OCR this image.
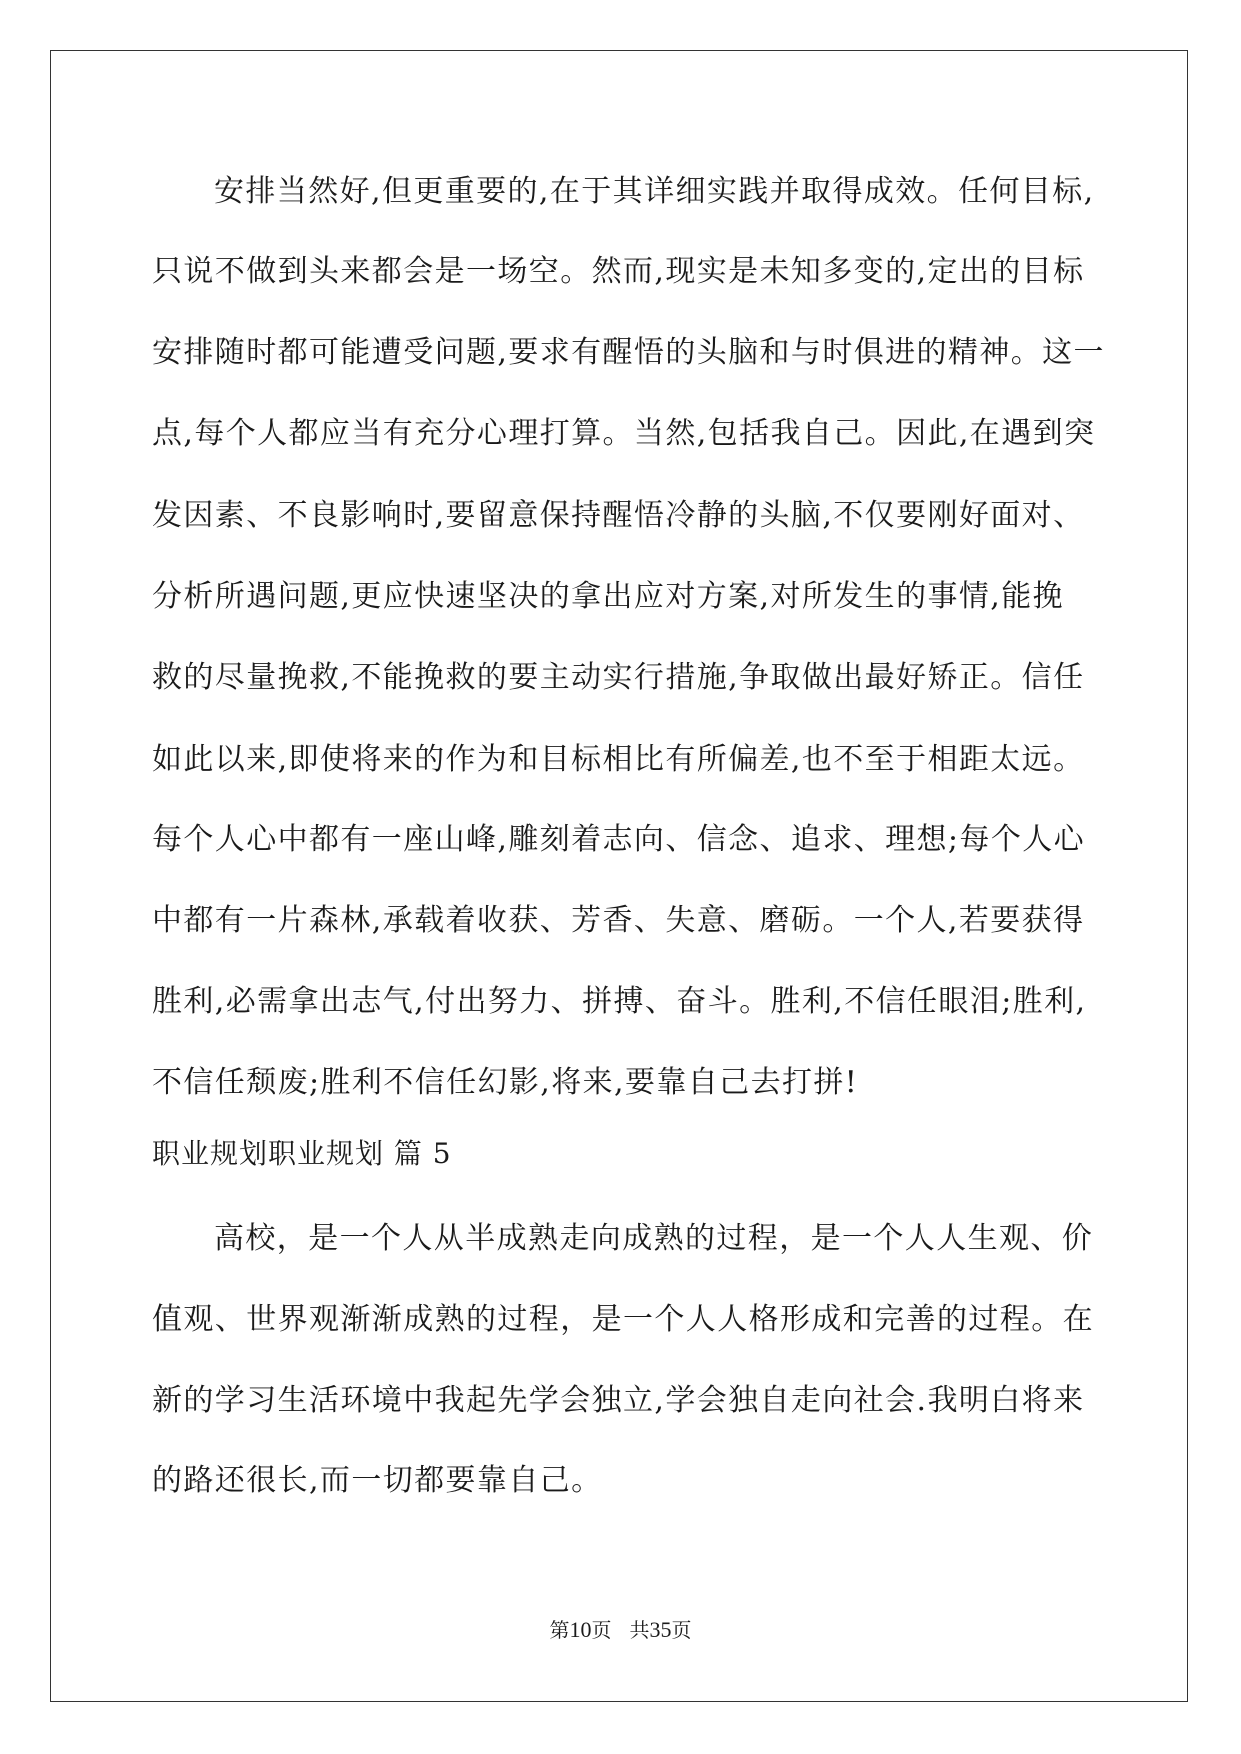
安排当然好,但更重要的,在于其详细实践并取得成效。任何目标,
只说不做到头来都会是一场空。然而,现实是未知多变的,定出的目标
安排随时都可能遭受问题,要求有醒悟的头脑和与时俱进的精神。这一
点,每个人都应当有充分心理打算。当然,包括我自己。因此,在遇到突
发因素、不良影响时,要留意保持醒悟冷静的头脑,不仅要刚好面对、
分析所遇问题,更应快速坚决的拿出应对方案,对所发生的事情,能挽
救的尽量挽救,不能挽救的要主动实行措施,争取做出最好矫正。信任
如此以来,即使将来的作为和目标相比有所偏差,也不至于相距太远。
每个人心中都有一座山峰,雕刻着志向、信念、追求、理想;每个人心
中都有一片森林,承载着收获、芳香、失意、磨砺。一个人,若要获得
胜利,必需拿出志气,付出努力、拼搏、奋斗。胜利,不信任眼泪;胜利,
不信任颓废;胜利不信任幻影,将来,要靠自己去打拼!
职业规划职业规划 篇 5
高校，是一个人从半成熟走向成熟的过程，是一个人人生观、价
值观、世界观渐渐成熟的过程，是一个人人格形成和完善的过程。在
新的学习生活环境中我起先学会独立,学会独自走向社会.我明白将来
的路还很长,而一切都要靠自己。
第10页 共35页
